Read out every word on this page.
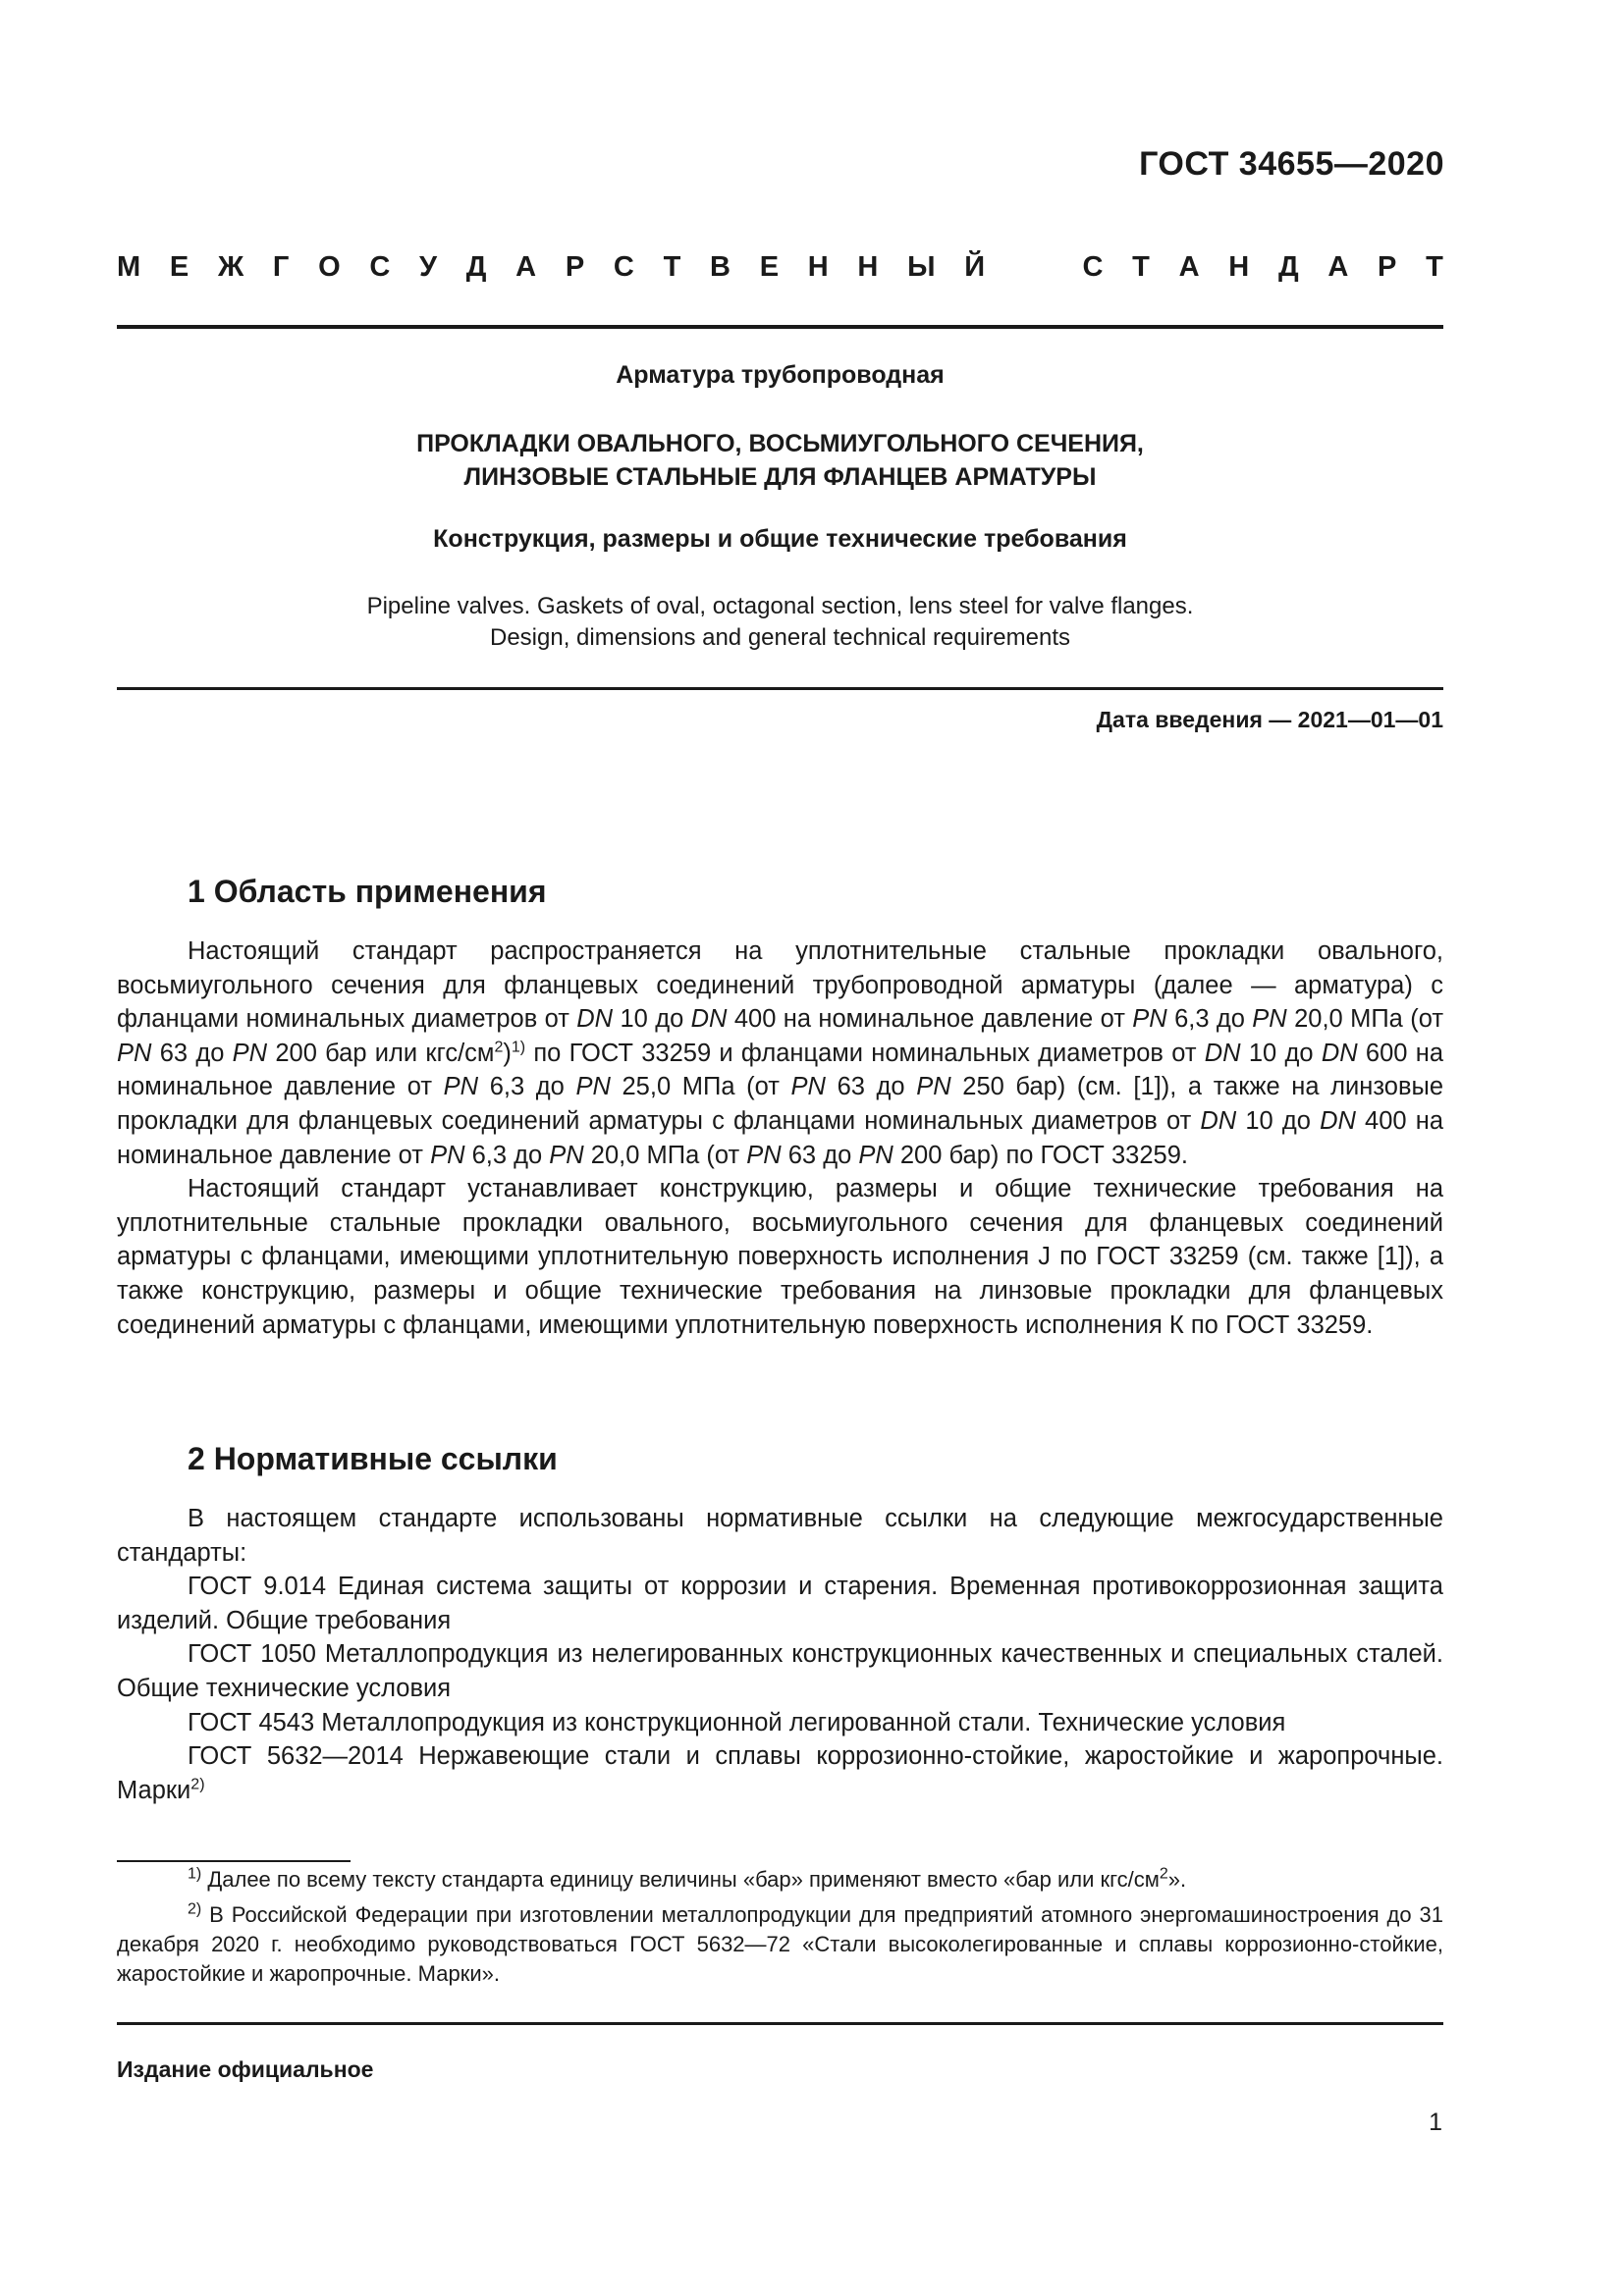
ГОСТ 34655—2020
М Е Ж Г О С У Д А Р С Т В Е Н Н Ы Й	С Т А Н Д А Р Т
Арматура трубопроводная
ПРОКЛАДКИ ОВАЛЬНОГО, ВОСЬМИУГОЛЬНОГО СЕЧЕНИЯ,
ЛИНЗОВЫЕ СТАЛЬНЫЕ ДЛЯ ФЛАНЦЕВ АРМАТУРЫ
Конструкция, размеры и общие технические требования
Pipeline valves. Gaskets of oval, octagonal section, lens steel for valve flanges.
Design, dimensions and general technical requirements
Дата введения — 2021—01—01
1 Область применения

Настоящий стандарт распространяется на уплотнительные стальные прокладки овального, восьмиугольного сечения для фланцевых соединений трубопроводной арматуры (далее — арматура) с фланцами номинальных диаметров от DN 10 до DN 400 на номинальное давление от PN 6,3 до PN 20,0 МПа (от PN 63 до PN 200 бар или кгс/$см^2)^{1)}$ по ГОСТ 33259 и фланцами номинальных диаметров от DN 10 до DN 600 на номинальное давление от PN 6,3 до PN 25,0 МПа (от PN 63 до PN 250 бар) (см. [1]), а также на линзовые прокладки для фланцевых соединений арматуры с фланцами номинальных диаметров от DN 10 до DN 400 на номинальное давление от PN 6,3 до PN 20,0 МПа (от PN 63 до PN 200 бар) по ГОСТ 33259.

Настоящий стандарт устанавливает конструкцию, размеры и общие технические требования на уплотнительные стальные прокладки овального, восьмиугольного сечения для фланцевых соединений арматуры с фланцами, имеющими уплотнительную поверхность исполнения J по ГОСТ 33259 (см. также [1]), а также конструкцию, размеры и общие технические требования на линзовые прокладки для фланцевых соединений арматуры с фланцами, имеющими уплотнительную поверхность исполнения К по ГОСТ 33259.

2 Нормативные ссылки

В настоящем стандарте использованы нормативные ссылки на следующие межгосударственные стандарты:

ГОСТ 9.014 Единая система защиты от коррозии и старения. Временная противокоррозионная защита изделий. Общие требования

ГОСТ 1050 Металлопродукция из нелегированных конструкционных качественных и специальных сталей. Общие технические условия

ГОСТ 4543 Металлопродукция из конструкционной легированной стали. Технические условия

ГОСТ 5632—2014 Нержавеющие стали и сплавы коррозионно-стойкие, жаростойкие и жаропрочные. Марки$^{2)}$

$^{1)}$ Далее по всему тексту стандарта единицу величины «бар» применяют вместо «бар или кгс/$см^2$».

$^{2)}$ В Российской Федерации при изготовлении металлопродукции для предприятий атомного энергомашиностроения до 31 декабря 2020 г. необходимо руководствоваться ГОСТ 5632—72 «Стали высоколегированные и сплавы коррозионно-стойкие, жаростойкие и жаропрочные. Марки».

Издание официальное
1
